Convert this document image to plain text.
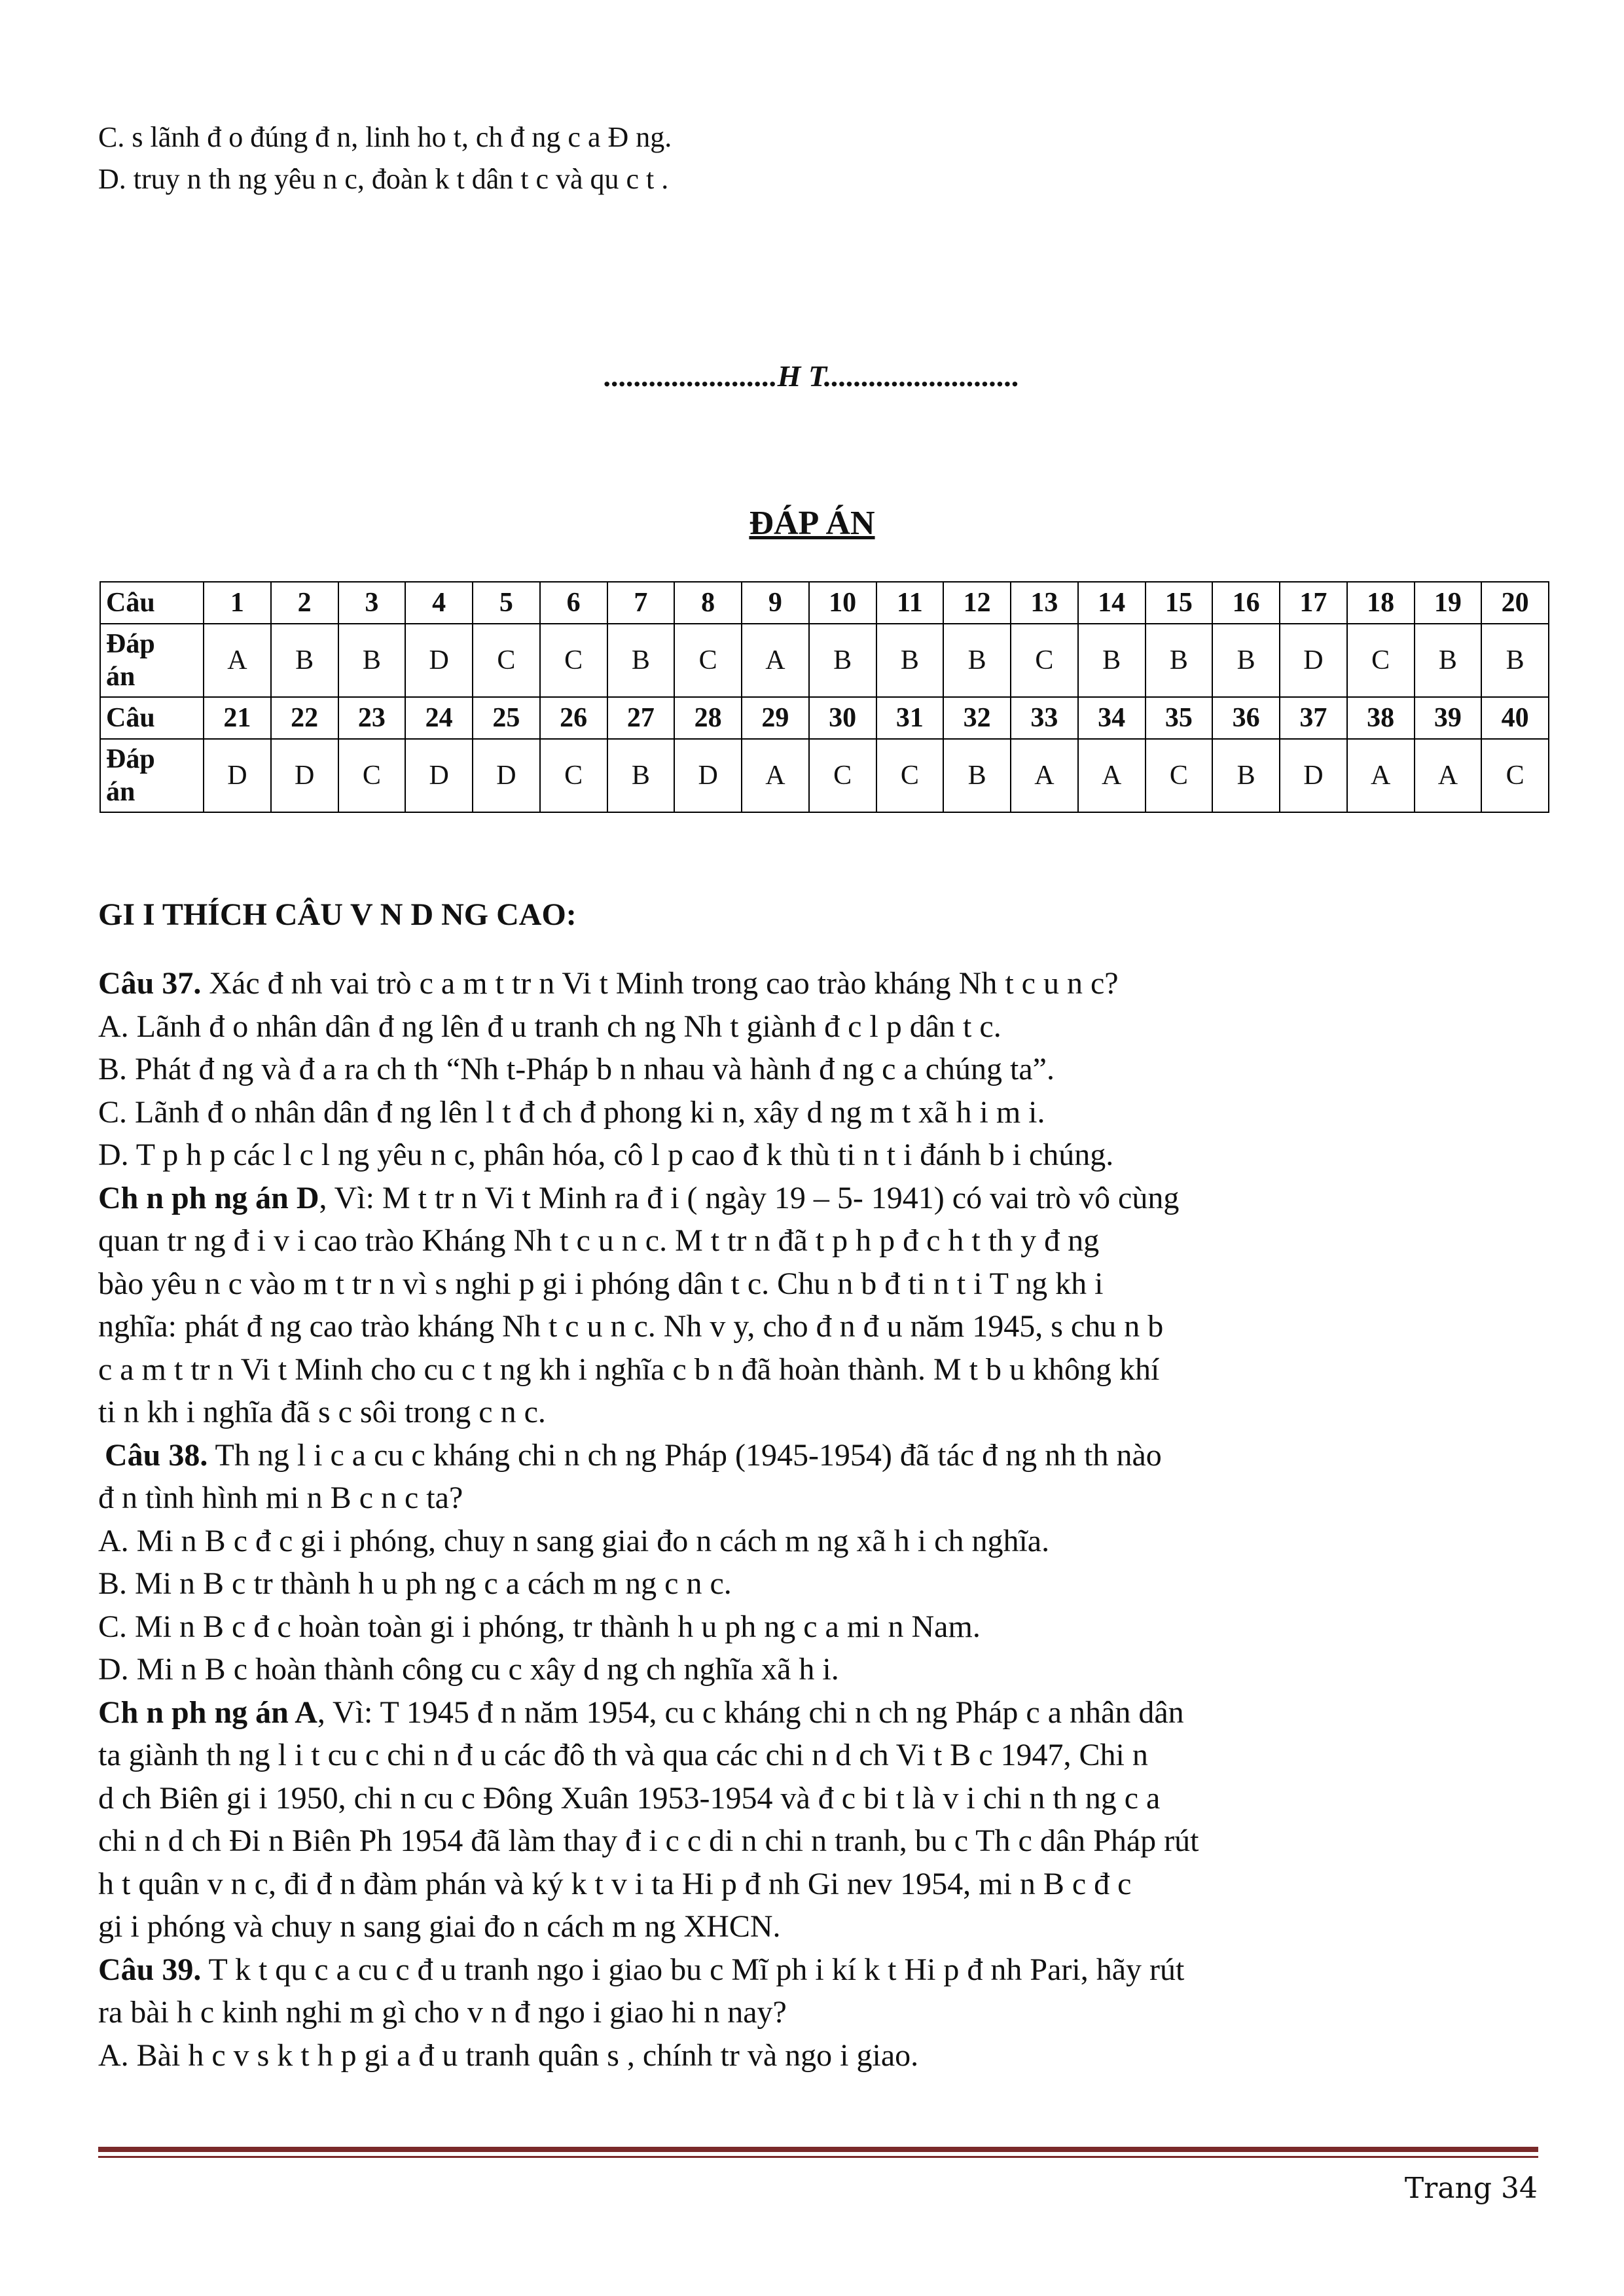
C. s lãnh đ o đúng đ n, linh ho t, ch đ ng c a Đ ng.
D. truy n th ng yêu n c, đoàn k t dân t c và qu c t .
.......................H T..........................
ĐÁP ÁN
Câu	1	2	3	4	5	6	7	8	9	10	11	12	13	14	15	16	17	18	19	20
Đáp
án	A	B	B	D	C	C	B	C	A	B	B	B	C	B	B	B	D	C	B	B
Câu	21	22	23	24	25	26	27	28	29	30	31	32	33	34	35	36	37	38	39	40
Đáp
án	D	D	C	D	D	C	B	D	A	C	C	B	A	A	C	B	D	A	A	C
GI I THÍCH CÂU V N D NG CAO:

Câu 37. Xác đ nh vai trò c a m t tr n Vi t Minh trong cao trào kháng Nh t c u n c?

A. Lãnh đ o nhân dân đ ng lên đ u tranh ch ng Nh t giành đ c l p dân t c.

B. Phát đ ng và đ a ra ch th “Nh t-Pháp b n nhau và hành đ ng c a chúng ta”.

C. Lãnh đ o nhân dân đ ng lên l t đ ch đ phong ki n, xây d ng m t xã h i m i.

D. T p h p các l c l ng yêu n c, phân hóa, cô l p cao đ k thù ti n t i đánh b i chúng.

Ch n ph ng án D, Vì: M t tr n Vi t Minh ra đ i ( ngày 19 – 5- 1941) có vai trò vô cùng

quan tr ng đ i v i cao trào Kháng Nh t c u n c. M t tr n đã t p h p đ c h t th y đ ng

bào yêu n c vào m t tr n vì s nghi p gi i phóng dân t c. Chu n b đ ti n t i T ng kh i

nghĩa: phát đ ng cao trào kháng Nh t c u n c. Nh v y, cho đ n đ u năm 1945, s chu n b

c a m t tr n Vi t Minh cho cu c t ng kh i nghĩa c b n đã hoàn thành. M t b u không khí

ti n kh i nghĩa đã s c sôi trong c n c.

Câu 38. Th ng l i c a cu c kháng chi n ch ng Pháp (1945-1954) đã tác đ ng nh th nào

đ n tình hình mi n B c n c ta?

A. Mi n B c đ c gi i phóng, chuy n sang giai đo n cách m ng xã h i ch nghĩa.

B. Mi n B c tr thành h u ph ng c a cách m ng c n c.

C. Mi n B c đ c hoàn toàn gi i phóng, tr thành h u ph ng c a mi n Nam.

D. Mi n B c hoàn thành công cu c xây d ng ch nghĩa xã h i.

Ch n ph ng án A, Vì: T 1945 đ n năm 1954, cu c kháng chi n ch ng Pháp c a nhân dân

ta giành th ng l i t cu c chi n đ u các đô th và qua các chi n d ch Vi t B c 1947, Chi n

d ch Biên gi i 1950, chi n cu c Đông Xuân 1953-1954 và đ c bi t là v i chi n th ng c a

chi n d ch Đi n Biên Ph 1954 đã làm thay đ i c c di n chi n tranh, bu c Th c dân Pháp rút

h t quân v n c, đi đ n đàm phán và ký k t v i ta Hi p đ nh Gi nev 1954, mi n B c đ c

gi i phóng và chuy n sang giai đo n cách m ng XHCN.

Câu 39. T k t qu c a cu c đ u tranh ngo i giao bu c Mĩ ph i kí k t Hi p đ nh Pari, hãy rút

ra bài h c kinh nghi m gì cho v n đ ngo i giao hi n nay?

A. Bài h c v s k t h p gi a đ u tranh quân s , chính tr và ngo i giao.

Trang 34
